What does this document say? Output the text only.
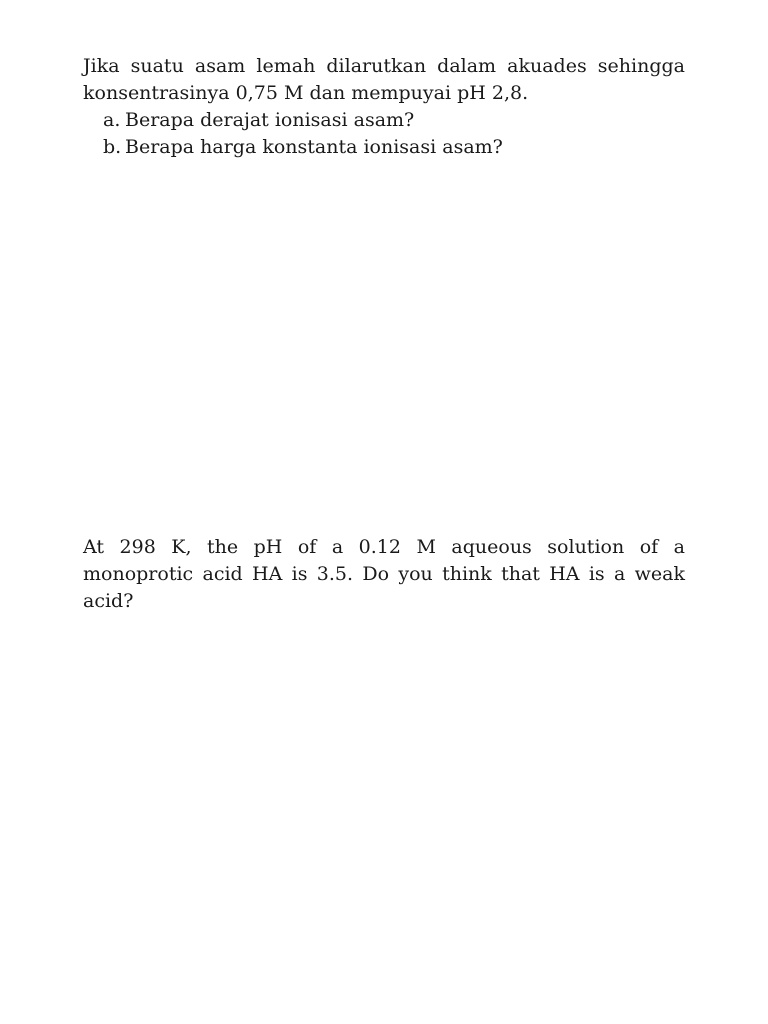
Jika suatu asam lemah dilarutkan dalam akuades sehingga konsentrasinya 0,75 M dan mempuyai pH 2,8.

a. Berapa derajat ionisasi asam?
b. Berapa harga konstanta ionisasi asam?

At 298 K, the pH of a 0.12 M aqueous solution of a monoprotic acid HA is 3.5. Do you think that HA is a weak acid?
